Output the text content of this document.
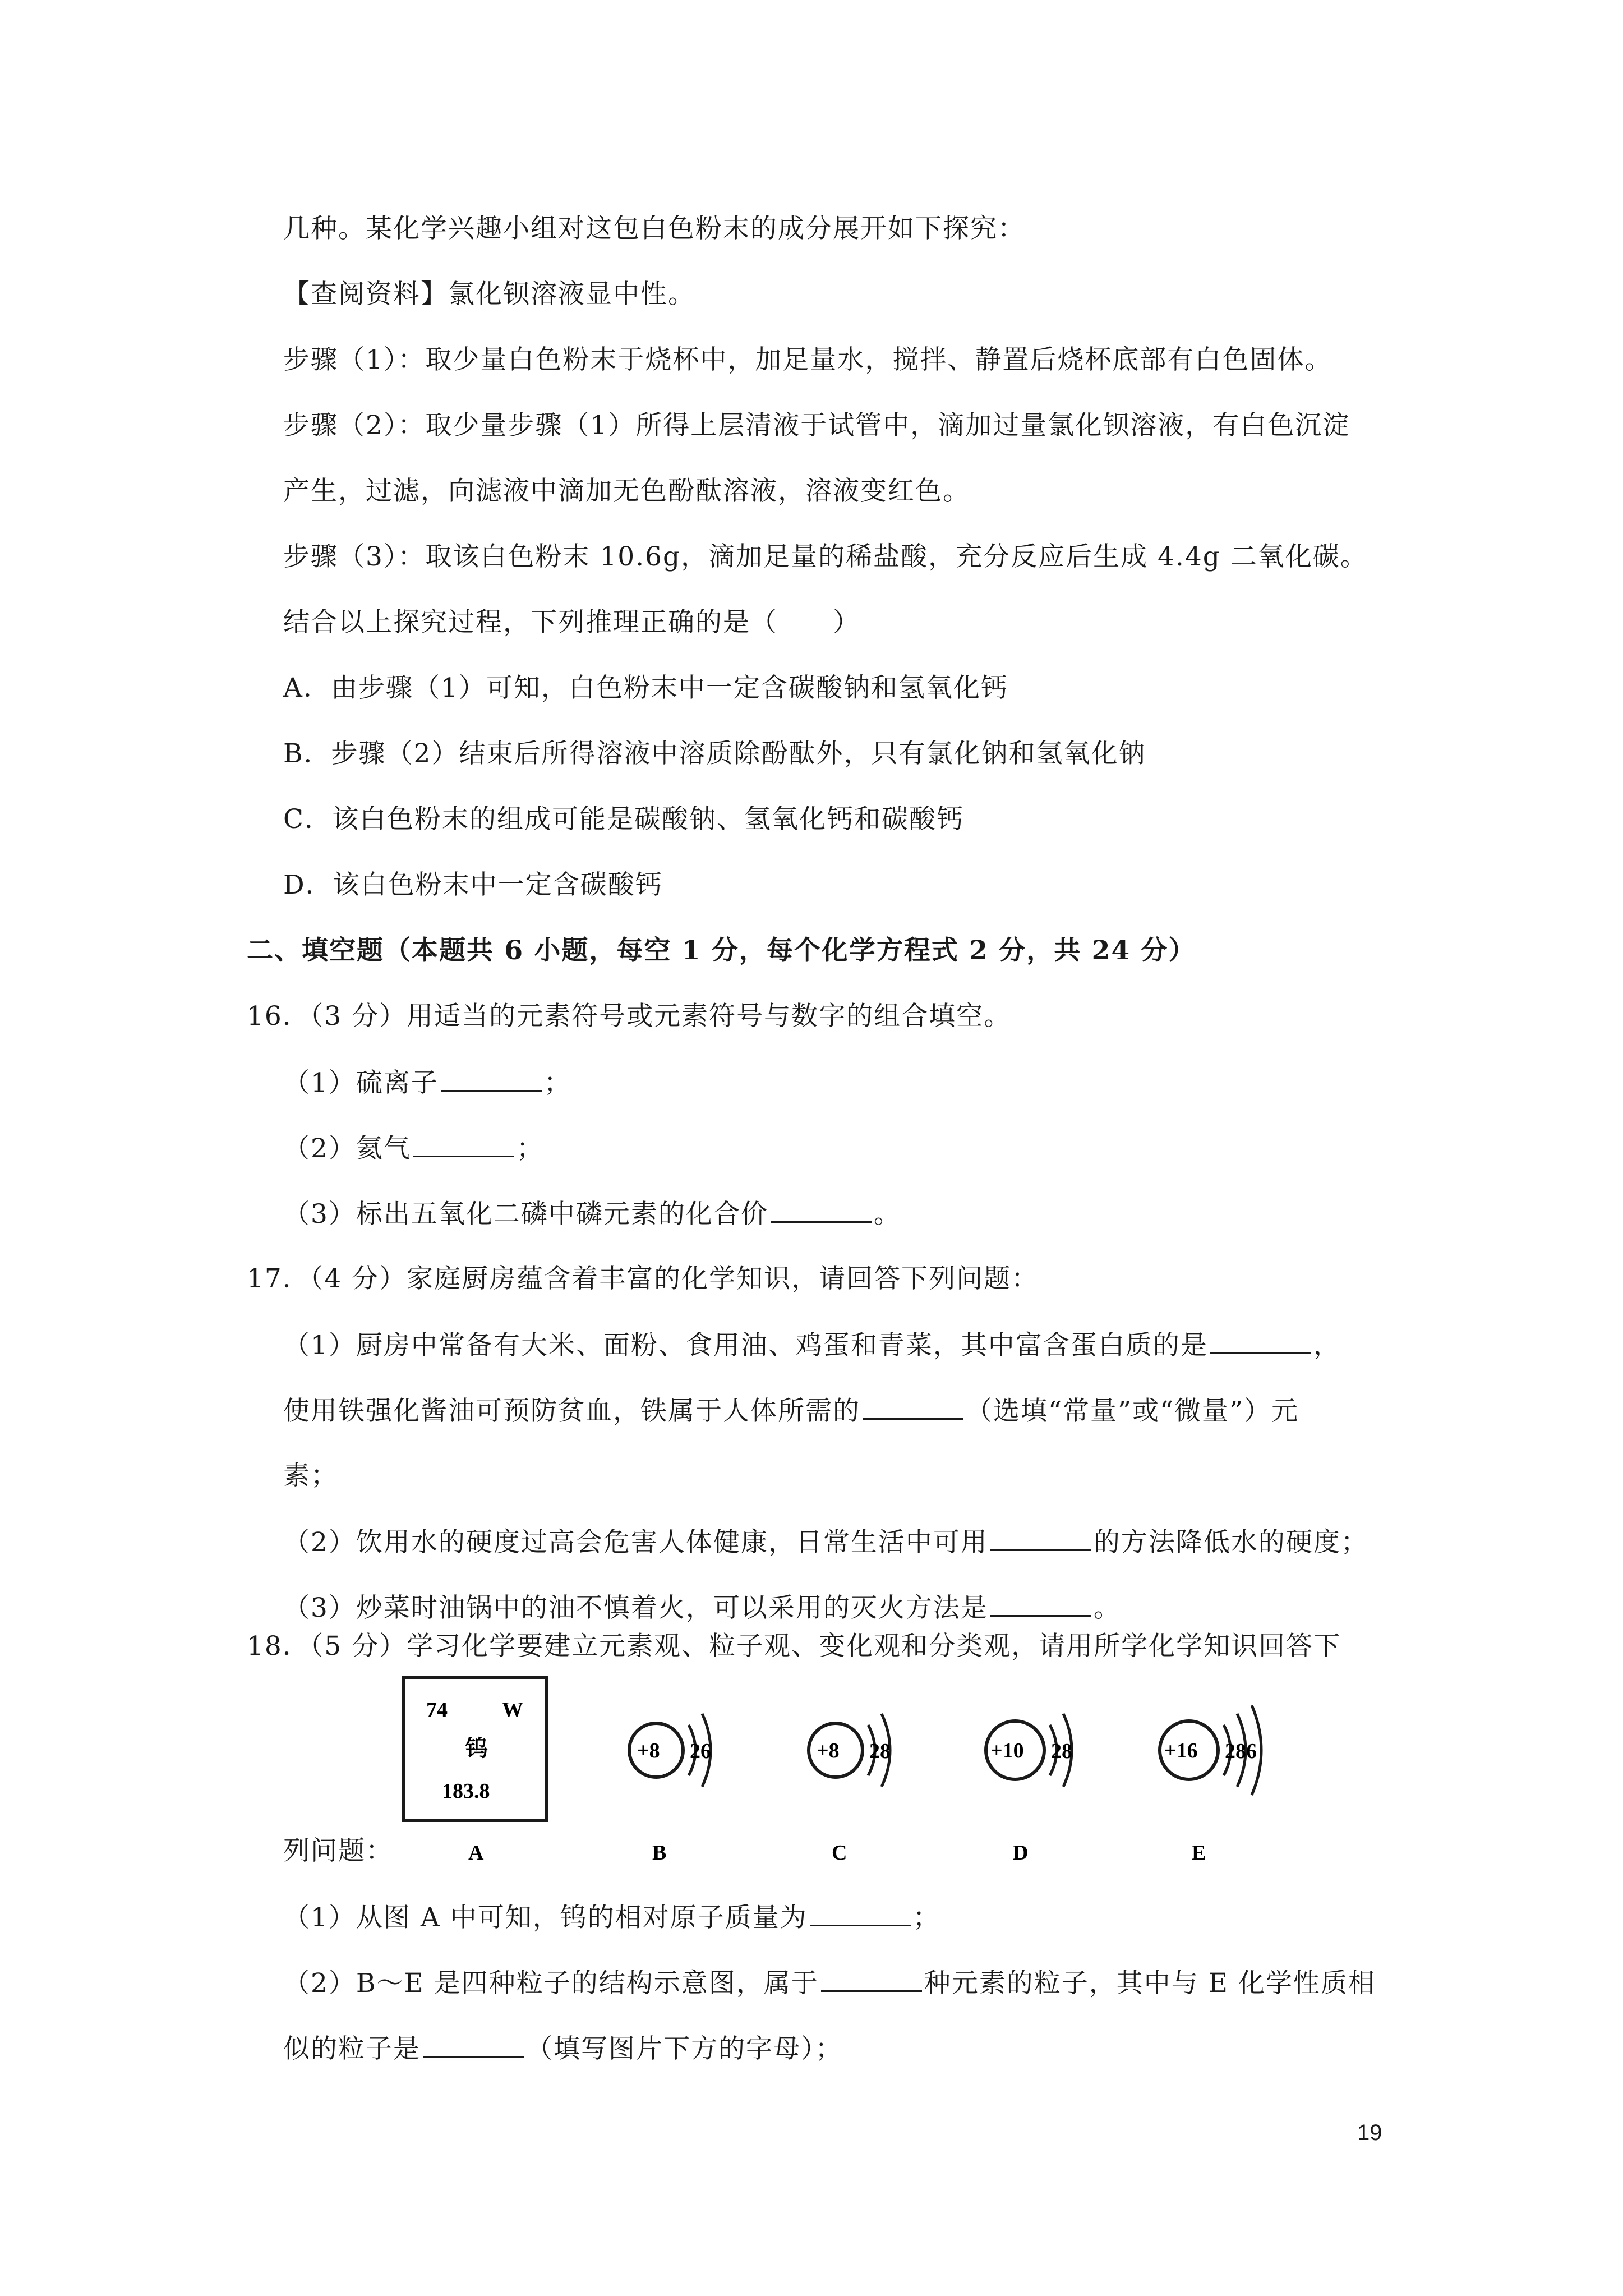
几种。某化学兴趣小组对这包白色粉末的成分展开如下探究：
【查阅资料】氯化钡溶液显中性。
步骤（1）：取少量白色粉末于烧杯中，加足量水，搅拌、静置后烧杯底部有白色固体。
步骤（2）：取少量步骤（1）所得上层清液于试管中，滴加过量氯化钡溶液，有白色沉淀
产生，过滤，向滤液中滴加无色酚酞溶液，溶液变红色。
步骤（3）：取该白色粉末 10.6g，滴加足量的稀盐酸，充分反应后生成 4.4g 二氧化碳。
结合以上探究过程，下列推理正确的是（　　）
A．由步骤（1）可知，白色粉末中一定含碳酸钠和氢氧化钙
B．步骤（2）结束后所得溶液中溶质除酚酞外，只有氯化钠和氢氧化钠
C．该白色粉末的组成可能是碳酸钠、氢氧化钙和碳酸钙
D．该白色粉末中一定含碳酸钙
二、填空题（本题共 6 小题，每空 1 分，每个化学方程式 2 分，共 24 分）
16．（3 分）用适当的元素符号或元素符号与数字的组合填空。
（1）硫离子	；
（2）氦气	；
（3）标出五氧化二磷中磷元素的化合价	。
17．（4 分）家庭厨房蕴含着丰富的化学知识，请回答下列问题：
（1）厨房中常备有大米、面粉、食用油、鸡蛋和青菜，其中富含蛋白质的是	，
使用铁强化酱油可预防贫血，铁属于人体所需的	（选填“常量”或“微量”）元
素；
（2）饮用水的硬度过高会危害人体健康，日常生活中可用	的方法降低水的硬度；
（3）炒菜时油锅中的油不慎着火，可以采用的灭火方法是	。
18．（5 分）学习化学要建立元素观、粒子观、变化观和分类观，请用所学化学知识回答下
74	W
钨
183.8
A
+8 26
B
+8 28
C
+10 28
D
+16 286
E
列问题：
（1）从图 A 中可知，钨的相对原子质量为	；
（2）B～E 是四种粒子的结构示意图，属于	种元素的粒子，其中与 E 化学性质相
似的粒子是	（填写图片下方的字母）；
19
